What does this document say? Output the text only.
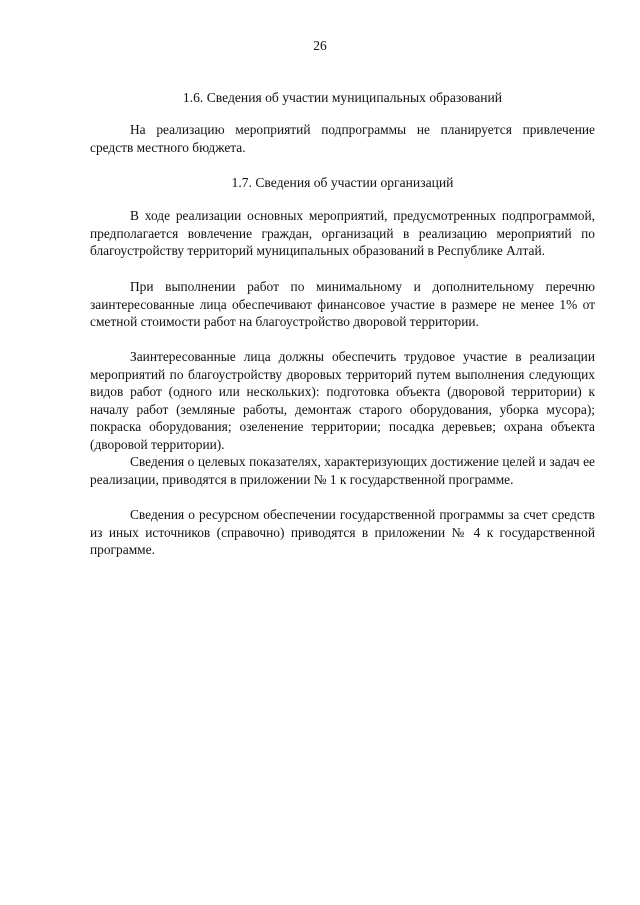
26
1.6. Сведения об участии муниципальных образований

На реализацию мероприятий подпрограммы не планируется привлечение средств местного бюджета.

1.7. Сведения об участии организаций

В ходе реализации основных мероприятий, предусмотренных подпрограммой, предполагается вовлечение граждан, организаций в реализацию мероприятий по благоустройству территорий муниципальных образований в Республике Алтай.

При выполнении работ по минимальному и дополнительному перечню заинтересованные лица обеспечивают финансовое участие в размере не менее 1% от сметной стоимости работ на благоустройство дворовой территории.

Заинтересованные лица должны обеспечить трудовое участие в реализации мероприятий по благоустройству дворовых территорий путем выполнения следующих видов работ (одного или нескольких): подготовка объекта (дворовой территории) к началу работ (земляные работы, демонтаж старого оборудования, уборка мусора); покраска оборудования; озеленение территории; посадка деревьев; охрана объекта (дворовой территории).

Сведения о целевых показателях, характеризующих достижение целей и задач ее реализации, приводятся в приложении № 1 к государственной программе.

Сведения о ресурсном обеспечении государственной программы за счет средств из иных источников (справочно) приводятся в приложении № 4 к государственной программе.
